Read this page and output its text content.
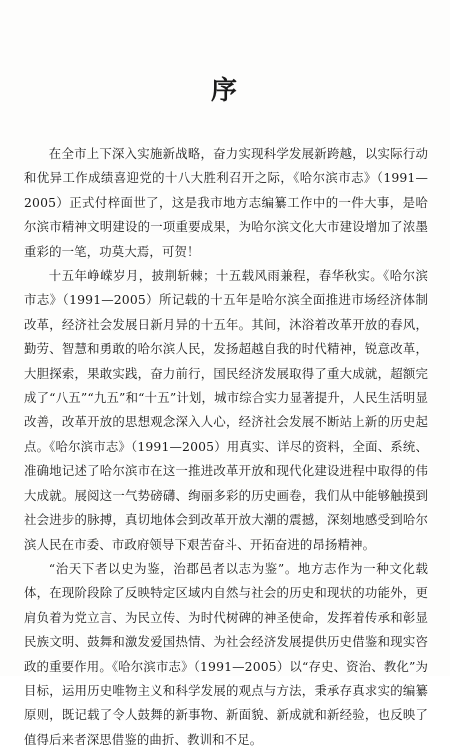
序

在全市上下深入实施新战略，奋力实现科学发展新跨越，以实际行动和优异工作成绩喜迎党的十八大胜利召开之际，《哈尔滨市志》（1991—2005）正式付梓面世了，这是我市地方志编纂工作中的一件大事，是哈尔滨市精神文明建设的一项重要成果，为哈尔滨文化大市建设增加了浓墨重彩的一笔，功莫大焉，可贺！

十五年峥嵘岁月，披荆斩棘；十五载风雨兼程，春华秋实。《哈尔滨市志》（1991—2005）所记载的十五年是哈尔滨全面推进市场经济体制改革，经济社会发展日新月异的十五年。其间，沐浴着改革开放的春风，勤劳、智慧和勇敢的哈尔滨人民，发扬超越自我的时代精神，锐意改革，大胆探索，果敢实践，奋力前行，国民经济发展取得了重大成就，超额完成了“八五”“九五”和“十五”计划，城市综合实力显著提升，人民生活明显改善，改革开放的思想观念深入人心，经济社会发展不断站上新的历史起点。《哈尔滨市志》（1991—2005）用真实、详尽的资料，全面、系统、准确地记述了哈尔滨市在这一推进改革开放和现代化建设进程中取得的伟大成就。展阅这一气势磅礴、绚丽多彩的历史画卷，我们从中能够触摸到社会进步的脉搏，真切地体会到改革开放大潮的震撼，深刻地感受到哈尔滨人民在市委、市政府领导下艰苦奋斗、开拓奋进的昂扬精神。

“治天下者以史为鉴，治郡邑者以志为鉴”。地方志作为一种文化载体，在现阶段除了反映特定区域内自然与社会的历史和现状的功能外，更肩负着为党立言、为民立传、为时代树碑的神圣使命，发挥着传承和彰显民族文明、鼓舞和激发爱国热情、为社会经济发展提供历史借鉴和现实咨政的重要作用。《哈尔滨市志》（1991—2005）以“存史、资治、教化”为目标，运用历史唯物主义和科学发展的观点与方法，秉承存真求实的编纂原则，既记载了令人鼓舞的新事物、新面貌、新成就和新经验，也反映了值得后来者深思借鉴的曲折、教训和不足。
